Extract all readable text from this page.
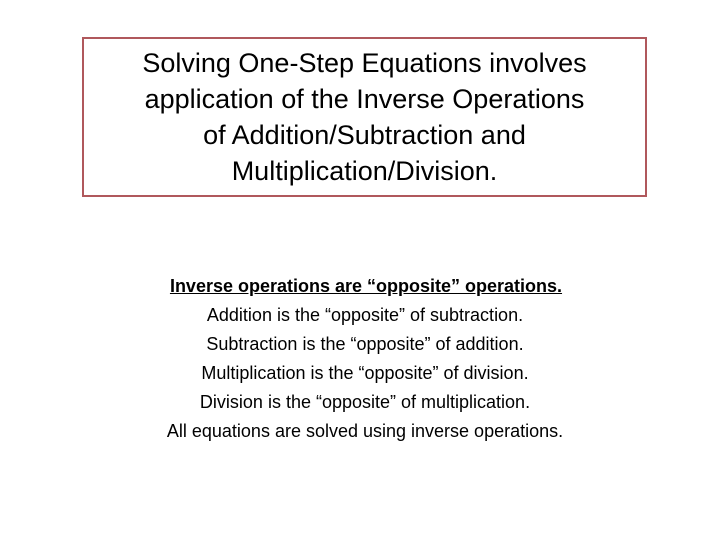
Solving One-Step Equations involves
application of the Inverse Operations
of Addition/Subtraction and
Multiplication/Division.
Inverse operations are “opposite” operations.
Addition is the “opposite” of subtraction.
Subtraction is the “opposite” of addition.
Multiplication is the “opposite” of division.
Division is the “opposite” of multiplication.
All equations are solved using inverse operations.
